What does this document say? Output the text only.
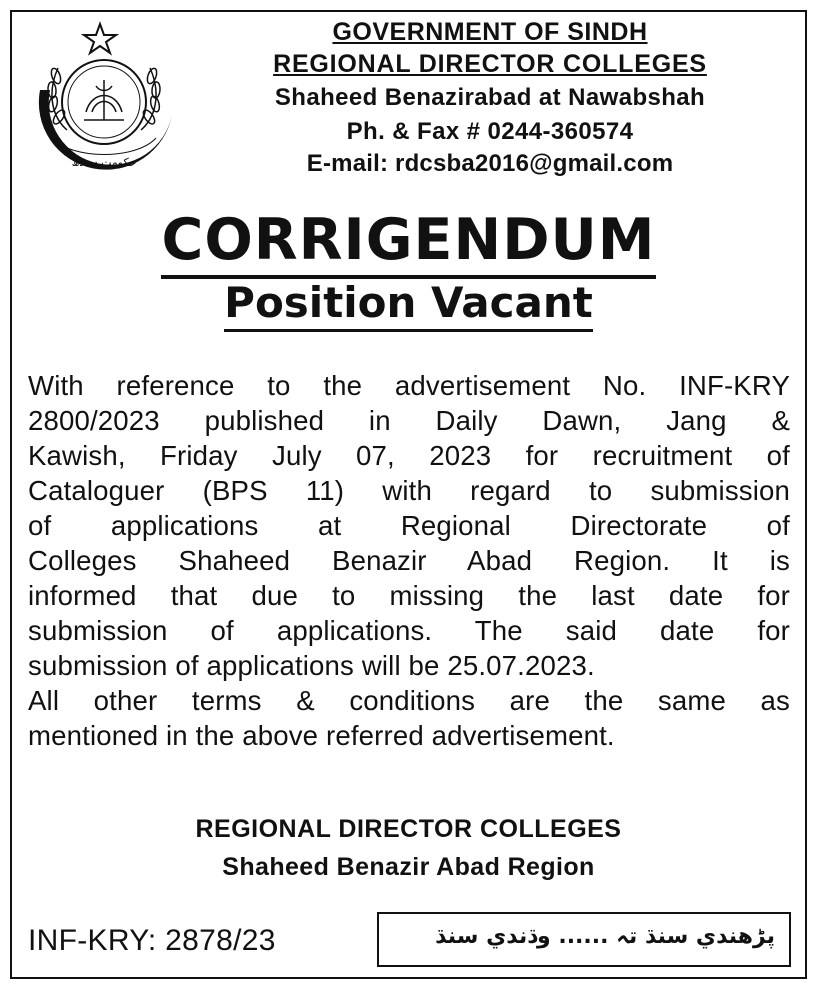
حکومت سندھ
GOVERNMENT OF SINDH
REGIONAL DIRECTOR COLLEGES
Shaheed Benazirabad at Nawabshah
Ph. & Fax # 0244-360574
E-mail: rdcsba2016@gmail.com
CORRIGENDUM
Position Vacant
With reference to the advertisement No. INF-KRY
2800/2023 published in Daily Dawn, Jang &
Kawish, Friday July 07, 2023 for recruitment of
Cataloguer (BPS 11) with regard to submission
of applications at Regional Directorate of
Colleges Shaheed Benazir Abad Region. It is
informed that due to missing the last date for
submission of applications. The said date for
submission of applications will be 25.07.2023.
All other terms & conditions are the same as
mentioned in the above referred advertisement.
REGIONAL DIRECTOR COLLEGES
Shaheed Benazir Abad Region
INF-KRY: 2878/23	پڑھندي سنڌ تہ ...... وڌندي سنڌ
